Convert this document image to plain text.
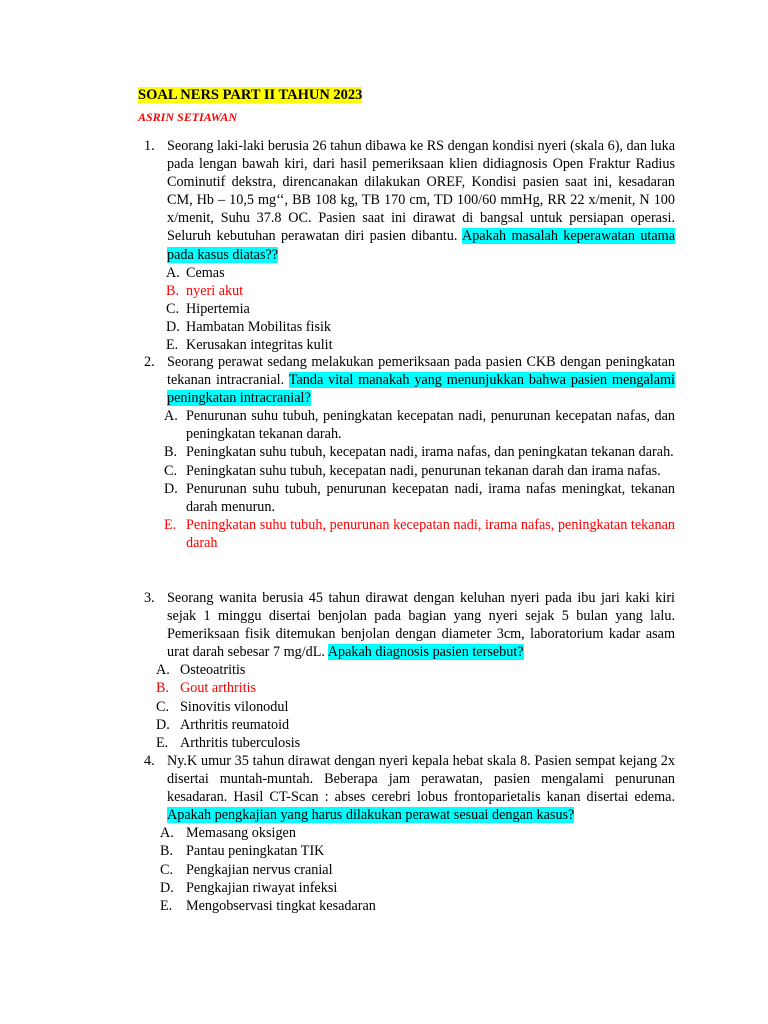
SOAL NERS PART II TAHUN 2023
ASRIN SETIAWAN
1. Seorang laki-laki berusia 26 tahun dibawa ke RS dengan kondisi nyeri (skala 6), dan luka pada lengan bawah kiri, dari hasil pemeriksaan klien didiagnosis Open Fraktur Radius Cominutif dekstra, direncanakan dilakukan OREF, Kondisi pasien saat ini, kesadaran CM, Hb – 10,5 mg‘‘, BB 108 kg, TB 170 cm, TD 100/60 mmHg, RR 22 x/menit, N 100 x/menit, Suhu 37.8 OC. Pasien saat ini dirawat di bangsal untuk persiapan operasi. Seluruh kebutuhan perawatan diri pasien dibantu. Apakah masalah keperawatan utama pada kasus diatas??
A. Cemas
B. nyeri akut
C. Hipertemia
D. Hambatan Mobilitas fisik
E. Kerusakan integritas kulit
2. Seorang perawat sedang melakukan pemeriksaan pada pasien CKB dengan peningkatan tekanan intracranial. Tanda vital manakah yang menunjukkan bahwa pasien mengalami peningkatan intracranial?
A. Penurunan suhu tubuh, peningkatan kecepatan nadi, penurunan kecepatan nafas, dan peningkatan tekanan darah.
B. Peningkatan suhu tubuh, kecepatan nadi, irama nafas, dan peningkatan tekanan darah.
C. Peningkatan suhu tubuh, kecepatan nadi, penurunan tekanan darah dan irama nafas.
D. Penurunan suhu tubuh, penurunan kecepatan nadi, irama nafas meningkat, tekanan darah menurun.
E. Peningkatan suhu tubuh, penurunan kecepatan nadi, irama nafas, peningkatan tekanan darah
3. Seorang wanita berusia 45 tahun dirawat dengan keluhan nyeri pada ibu jari kaki kiri sejak 1 minggu disertai benjolan pada bagian yang nyeri sejak 5 bulan yang lalu. Pemeriksaan fisik ditemukan benjolan dengan diameter 3cm, laboratorium kadar asam urat darah sebesar 7 mg/dL. Apakah diagnosis pasien tersebut?
A. Osteoatritis
B. Gout arthritis
C. Sinovitis vilonodul
D. Arthritis reumatoid
E. Arthritis tuberculosis
4. Ny.K umur 35 tahun dirawat dengan nyeri kepala hebat skala 8. Pasien sempat kejang 2x disertai muntah-muntah. Beberapa jam perawatan, pasien mengalami penurunan kesadaran. Hasil CT-Scan : abses cerebri lobus frontoparietalis kanan disertai edema. Apakah pengkajian yang harus dilakukan perawat sesuai dengan kasus?
A. Memasang oksigen
B. Pantau peningkatan TIK
C. Pengkajian nervus cranial
D. Pengkajian riwayat infeksi
E. Mengobservasi tingkat kesadaran
